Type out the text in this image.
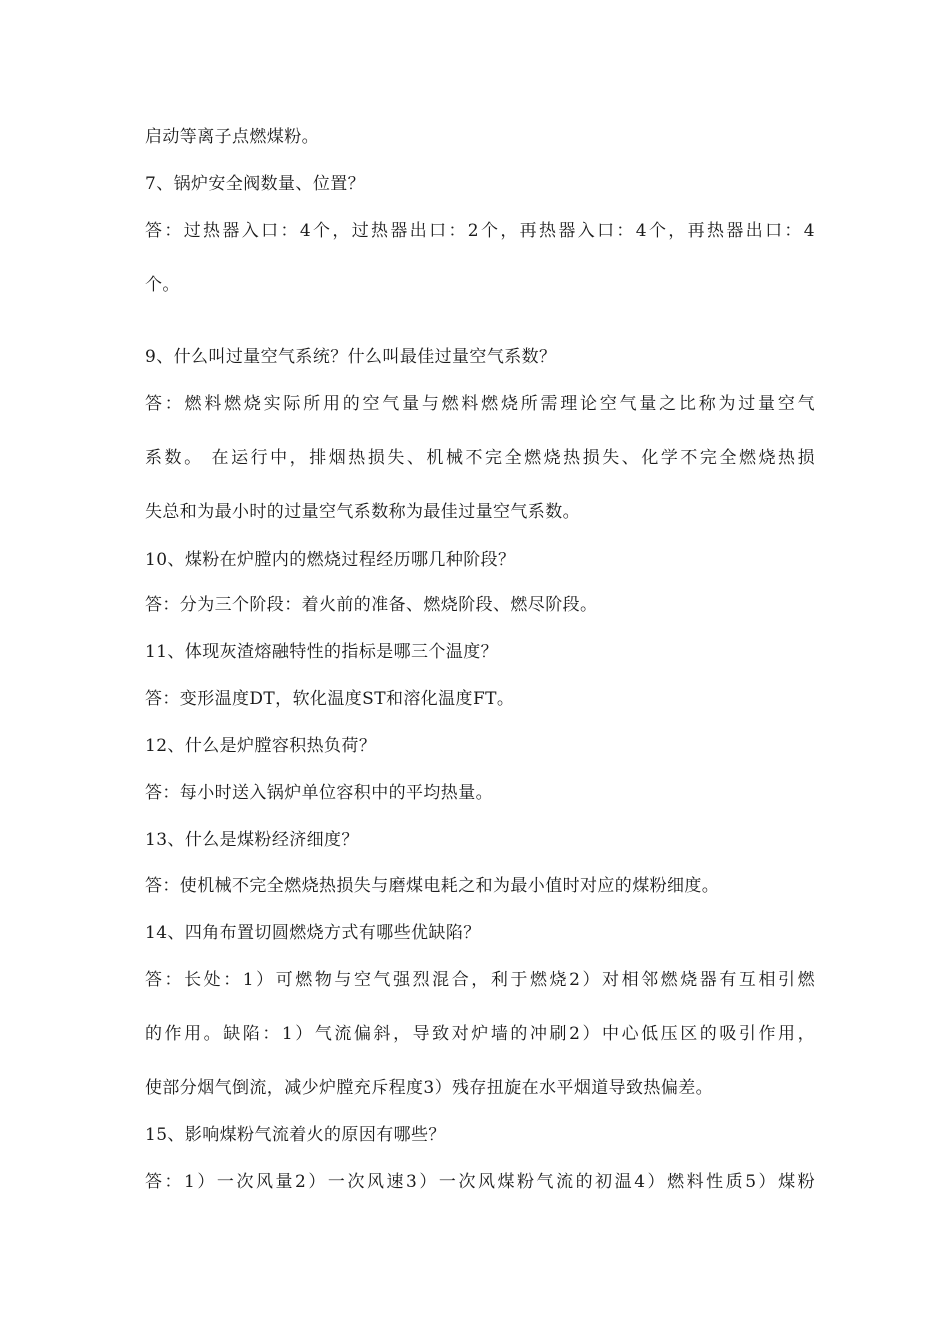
启动等离子点燃煤粉。
7、锅炉安全阀数量、位置？
答：过热器入口：4个，过热器出口：2个，再热器入口：4个，再热器出口：4
个。
9、什么叫过量空气系统？什么叫最佳过量空气系数？
答：燃料燃烧实际所用的空气量与燃料燃烧所需理论空气量之比称为过量空气
系数。 在运行中，排烟热损失、机械不完全燃烧热损失、化学不完全燃烧热损
失总和为最小时的过量空气系数称为最佳过量空气系数。
10、煤粉在炉膛内的燃烧过程经历哪几种阶段？
答：分为三个阶段：着火前的准备、燃烧阶段、燃尽阶段。
11、体现灰渣熔融特性的指标是哪三个温度？
答：变形温度DT，软化温度ST和溶化温度FT。
12、什么是炉膛容积热负荷？
答：每小时送入锅炉单位容积中的平均热量。
13、什么是煤粉经济细度？
答：使机械不完全燃烧热损失与磨煤电耗之和为最小值时对应的煤粉细度。
14、四角布置切圆燃烧方式有哪些优缺陷？
答：长处：1）可燃物与空气强烈混合，利于燃烧2）对相邻燃烧器有互相引燃
的作用。缺陷：1）气流偏斜，导致对炉墙的冲刷2）中心低压区的吸引作用，
使部分烟气倒流，减少炉膛充斥程度3）残存扭旋在水平烟道导致热偏差。
15、影响煤粉气流着火的原因有哪些？
答：1）一次风量2）一次风速3）一次风煤粉气流的初温4）燃料性质5）煤粉
